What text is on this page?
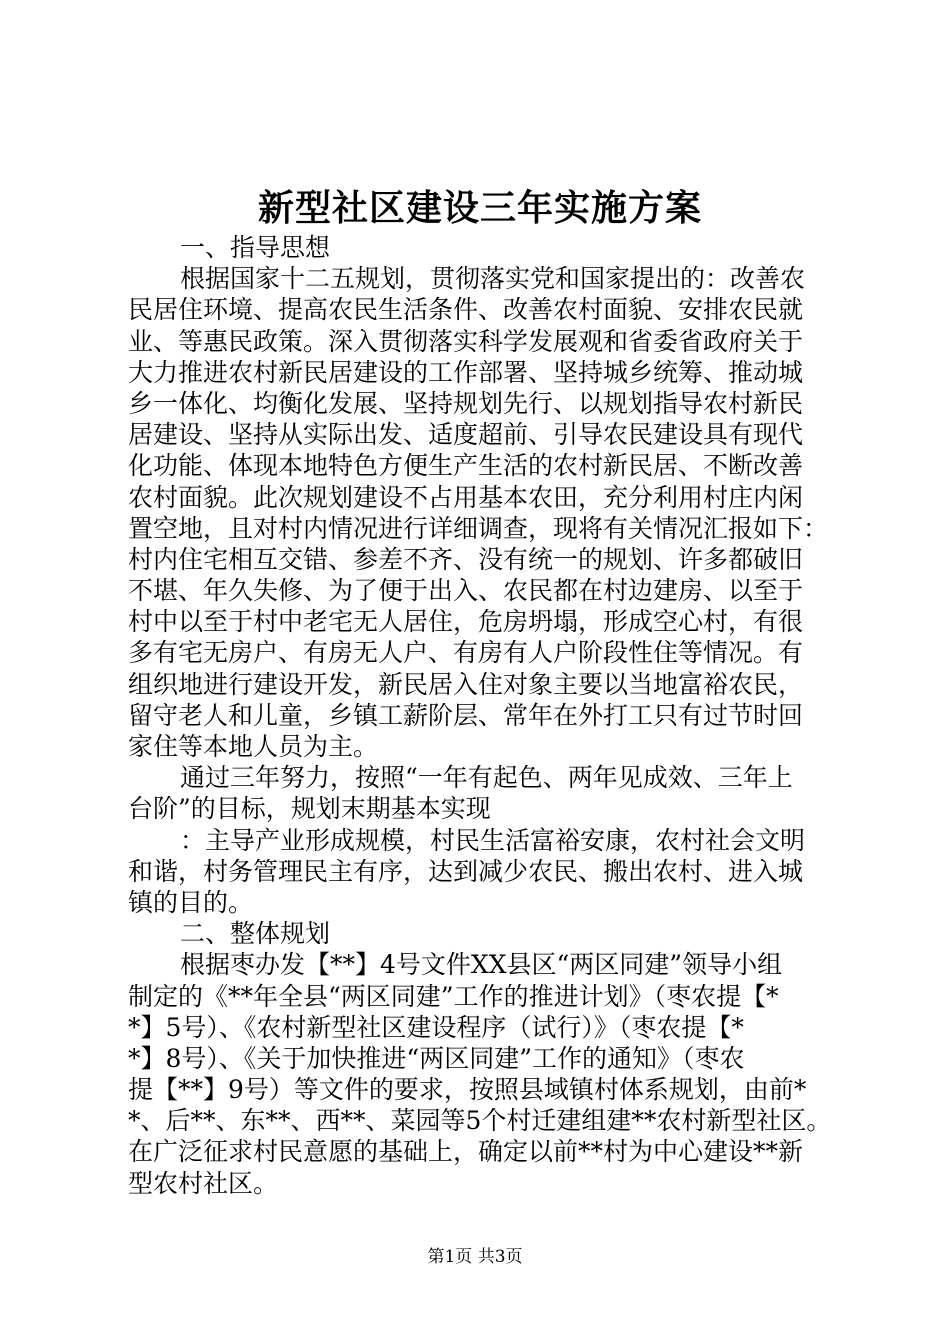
新型社区建设三年实施方案
一、指导思想
根据国家十二五规划，贯彻落实党和国家提出的：改善农
民居住环境、提高农民生活条件、改善农村面貌、安排农民就
业、等惠民政策。深入贯彻落实科学发展观和省委省政府关于
大力推进农村新民居建设的工作部署、坚持城乡统筹、推动城
乡一体化、均衡化发展、坚持规划先行、以规划指导农村新民
居建设、坚持从实际出发、适度超前、引导农民建设具有现代
化功能、体现本地特色方便生产生活的农村新民居、不断改善
农村面貌。此次规划建设不占用基本农田，充分利用村庄内闲
置空地，且对村内情况进行详细调查，现将有关情况汇报如下：
村内住宅相互交错、参差不齐、没有统一的规划、许多都破旧
不堪、年久失修、为了便于出入、农民都在村边建房、以至于
村中以至于村中老宅无人居住，危房坍塌，形成空心村，有很
多有宅无房户、有房无人户、有房有人户阶段性住等情况。有
组织地进行建设开发，新民居入住对象主要以当地富裕农民，
留守老人和儿童，乡镇工薪阶层、常年在外打工只有过节时回
家住等本地人员为主。
通过三年努力，按照“一年有起色、两年见成效、三年上
台阶”的目标，规划末期基本实现
：主导产业形成规模，村民生活富裕安康，农村社会文明
和谐，村务管理民主有序，达到减少农民、搬出农村、进入城
镇的目的。
二、整体规划
根据枣办发【**】4号文件XX县区“两区同建”领导小组
制定的《**年全县“两区同建”工作的推进计划》（枣农提【*
*】5号）、《农村新型社区建设程序（试行）》（枣农提【*
*】8号）、《关于加快推进“两区同建”工作的通知》（枣农
提【**】9号）等文件的要求，按照县域镇村体系规划，由前*
*、后**、东**、西**、菜园等5个村迁建组建**农村新型社区。
在广泛征求村民意愿的基础上，确定以前**村为中心建设**新
型农村社区。
第1页 共3页
